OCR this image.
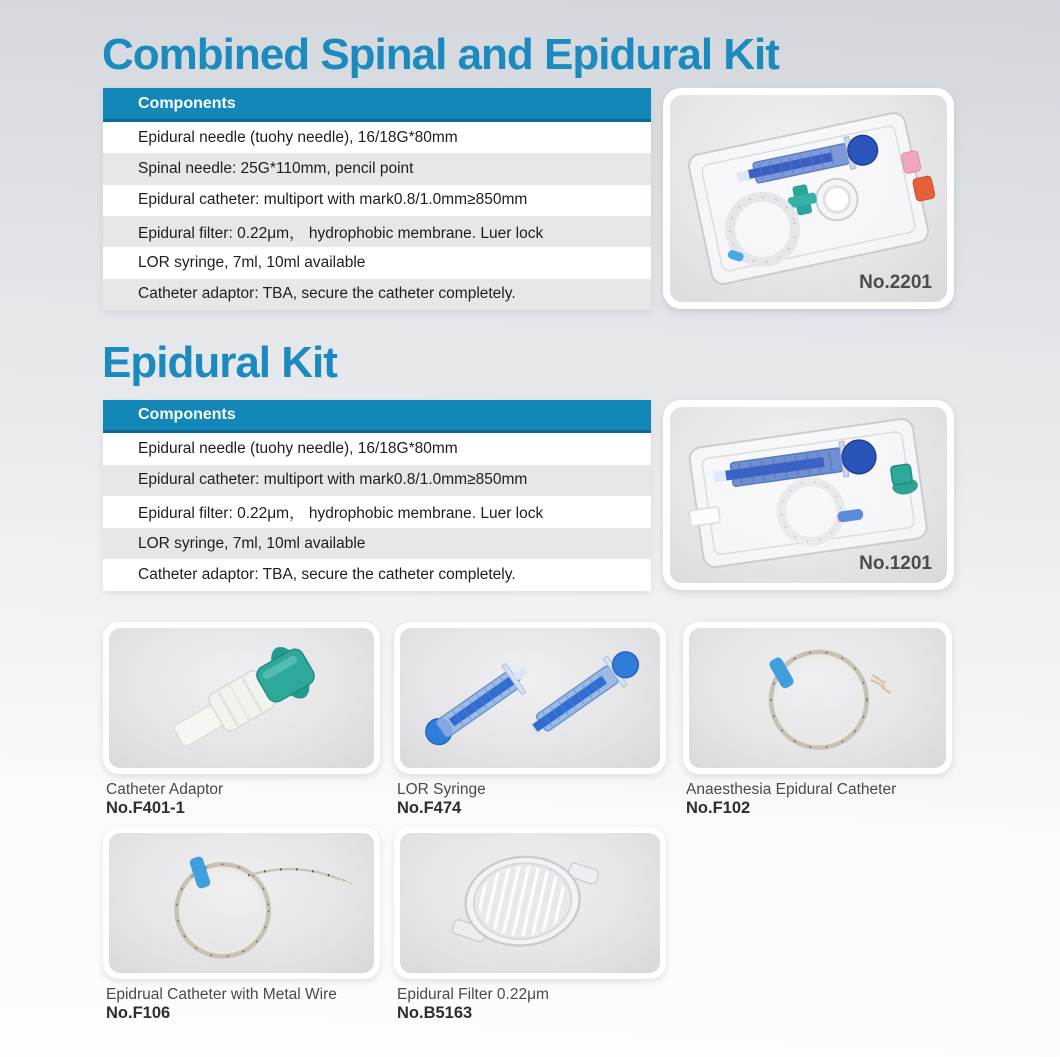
Combined Spinal and Epidural Kit
Components
Epidural needle (tuohy needle), 16/18G*80mm
Spinal needle: 25G*110mm, pencil point
Epidural catheter: multiport with mark0.8/1.0mm≥850mm
Epidural filter: 0.22μm， hydrophobic membrane. Luer lock
LOR syringe, 7ml, 10ml available
Catheter adaptor: TBA, secure the catheter completely.
No.2201
Epidural Kit
Components
Epidural needle (tuohy needle), 16/18G*80mm
Epidural catheter: multiport with mark0.8/1.0mm≥850mm
Epidural filter: 0.22μm， hydrophobic membrane. Luer lock
LOR syringe, 7ml, 10ml available
Catheter adaptor: TBA, secure the catheter completely.
No.1201
Catheter Adaptor
No.F401-1
LOR Syringe
No.F474
Anaesthesia Epidural Catheter
No.F102
Epidrual Catheter with Metal Wire
No.F106
Epidural Filter 0.22μm
No.B5163
